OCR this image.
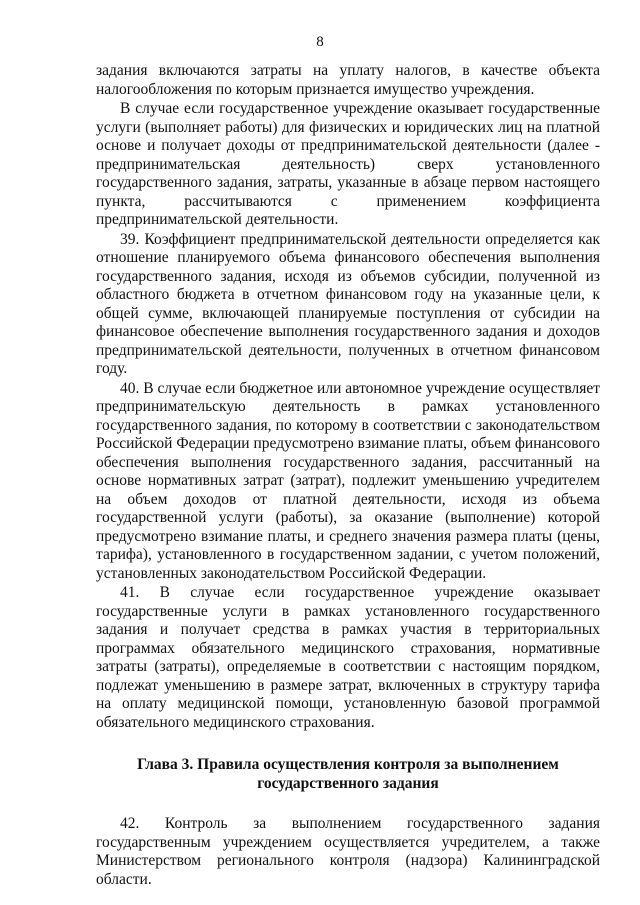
8

задания включаются затраты на уплату налогов, в качестве объекта налогообложения по которым признается имущество учреждения.

В случае если государственное учреждение оказывает государственные услуги (выполняет работы) для физических и юридических лиц на платной основе и получает доходы от предпринимательской деятельности (далее - предпринимательская деятельность) сверх установленного государственного задания, затраты, указанные в абзаце первом настоящего пункта, рассчитываются с применением коэффициента предпринимательской деятельности.

39. Коэффициент предпринимательской деятельности определяется как отношение планируемого объема финансового обеспечения выполнения государственного задания, исходя из объемов субсидии, полученной из областного бюджета в отчетном финансовом году на указанные цели, к общей сумме, включающей планируемые поступления от субсидии на финансовое обеспечение выполнения государственного задания и доходов предпринимательской деятельности, полученных в отчетном финансовом году.

40. В случае если бюджетное или автономное учреждение осуществляет предпринимательскую деятельность в рамках установленного государственного задания, по которому в соответствии с законодательством Российской Федерации предусмотрено взимание платы, объем финансового обеспечения выполнения государственного задания, рассчитанный на основе нормативных затрат (затрат), подлежит уменьшению учредителем на объем доходов от платной деятельности, исходя из объема государственной услуги (работы), за оказание (выполнение) которой предусмотрено взимание платы, и среднего значения размера платы (цены, тарифа), установленного в государственном задании, с учетом положений, установленных законодательством Российской Федерации.

41. В случае если государственное учреждение оказывает государственные услуги в рамках установленного государственного задания и получает средства в рамках участия в территориальных программах обязательного медицинского страхования, нормативные затраты (затраты), определяемые в соответствии с настоящим порядком, подлежат уменьшению в размере затрат, включенных в структуру тарифа на оплату медицинской помощи, установленную базовой программой обязательного медицинского страхования.

Глава 3. Правила осуществления контроля за выполнением
государственного задания

42. Контроль за выполнением государственного задания государственным учреждением осуществляется учредителем, а также Министерством регионального контроля (надзора) Калининградской области.
